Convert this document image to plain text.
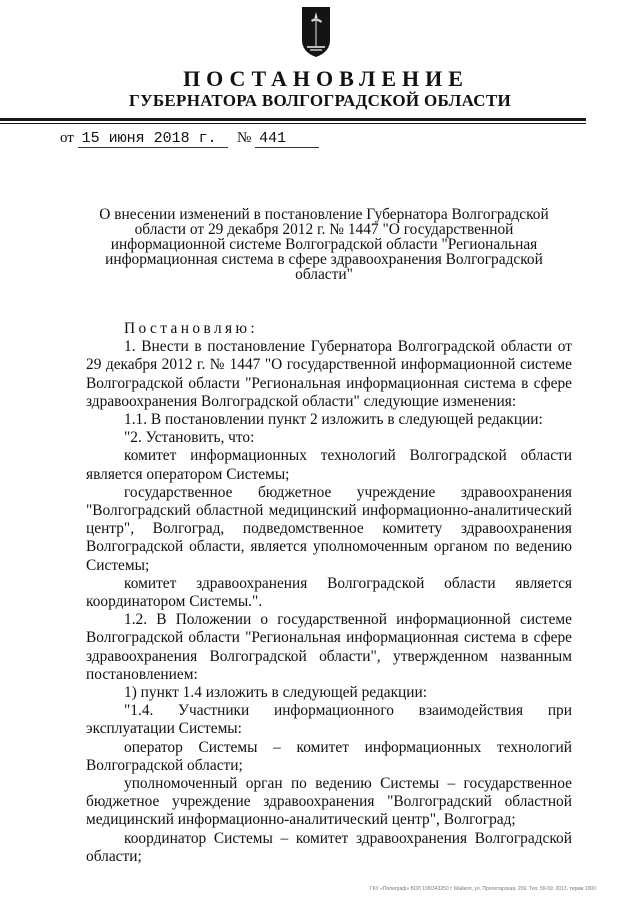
ПОСТАНОВЛЕНИЕ
ГУБЕРНАТОРА ВОЛГОГРАДСКОЙ ОБЛАСТИ
от 15 июня 2018 г.	№ 441
О внесении изменений в постановление Губернатора Волгоградской области от 29 декабря 2012 г. № 1447 "О государственной информационной системе Волгоградской области "Региональная информационная система в сфере здравоохранения Волгоградской области"

Постановляю:

1. Внести в постановление Губернатора Волгоградской области от 29 декабря 2012 г. № 1447 "О государственной информационной системе Волгоградской области "Региональная информационная система в сфере здравоохранения Волгоградской области" следующие изменения:

1.1. В постановлении пункт 2 изложить в следующей редакции:

"2. Установить, что:

комитет информационных технологий Волгоградской области является оператором Системы;

государственное бюджетное учреждение здравоохранения "Волгоградский областной медицинский информационно-аналитический центр", Волгоград, подведомственное комитету здравоохранения Волгоградской области, является уполномоченным органом по ведению Системы;

комитет здравоохранения Волгоградской области является координатором Системы.".

1.2. В Положении о государственной информационной системе Волгоградской области "Региональная информационная система в сфере здравоохранения Волгоградской области", утвержденном названным постановлением:

1) пункт 1.4 изложить в следующей редакции:

"1.4. Участники информационного взаимодействия при эксплуатации Системы:

оператор Системы – комитет информационных технологий Волгоградской области;

уполномоченный орган по ведению Системы – государственное бюджетное учреждение здравоохранения "Волгоградский областной медицинский информационно-аналитический центр", Волгоград;

координатор Системы – комитет здравоохранения Волгоградской области;

ГКУ «Полиграф» ВОЛ 10/0343250 г. Майкоп, ул. Пролетарская, 209. Тел. 59-59. 2013. тираж 1000
